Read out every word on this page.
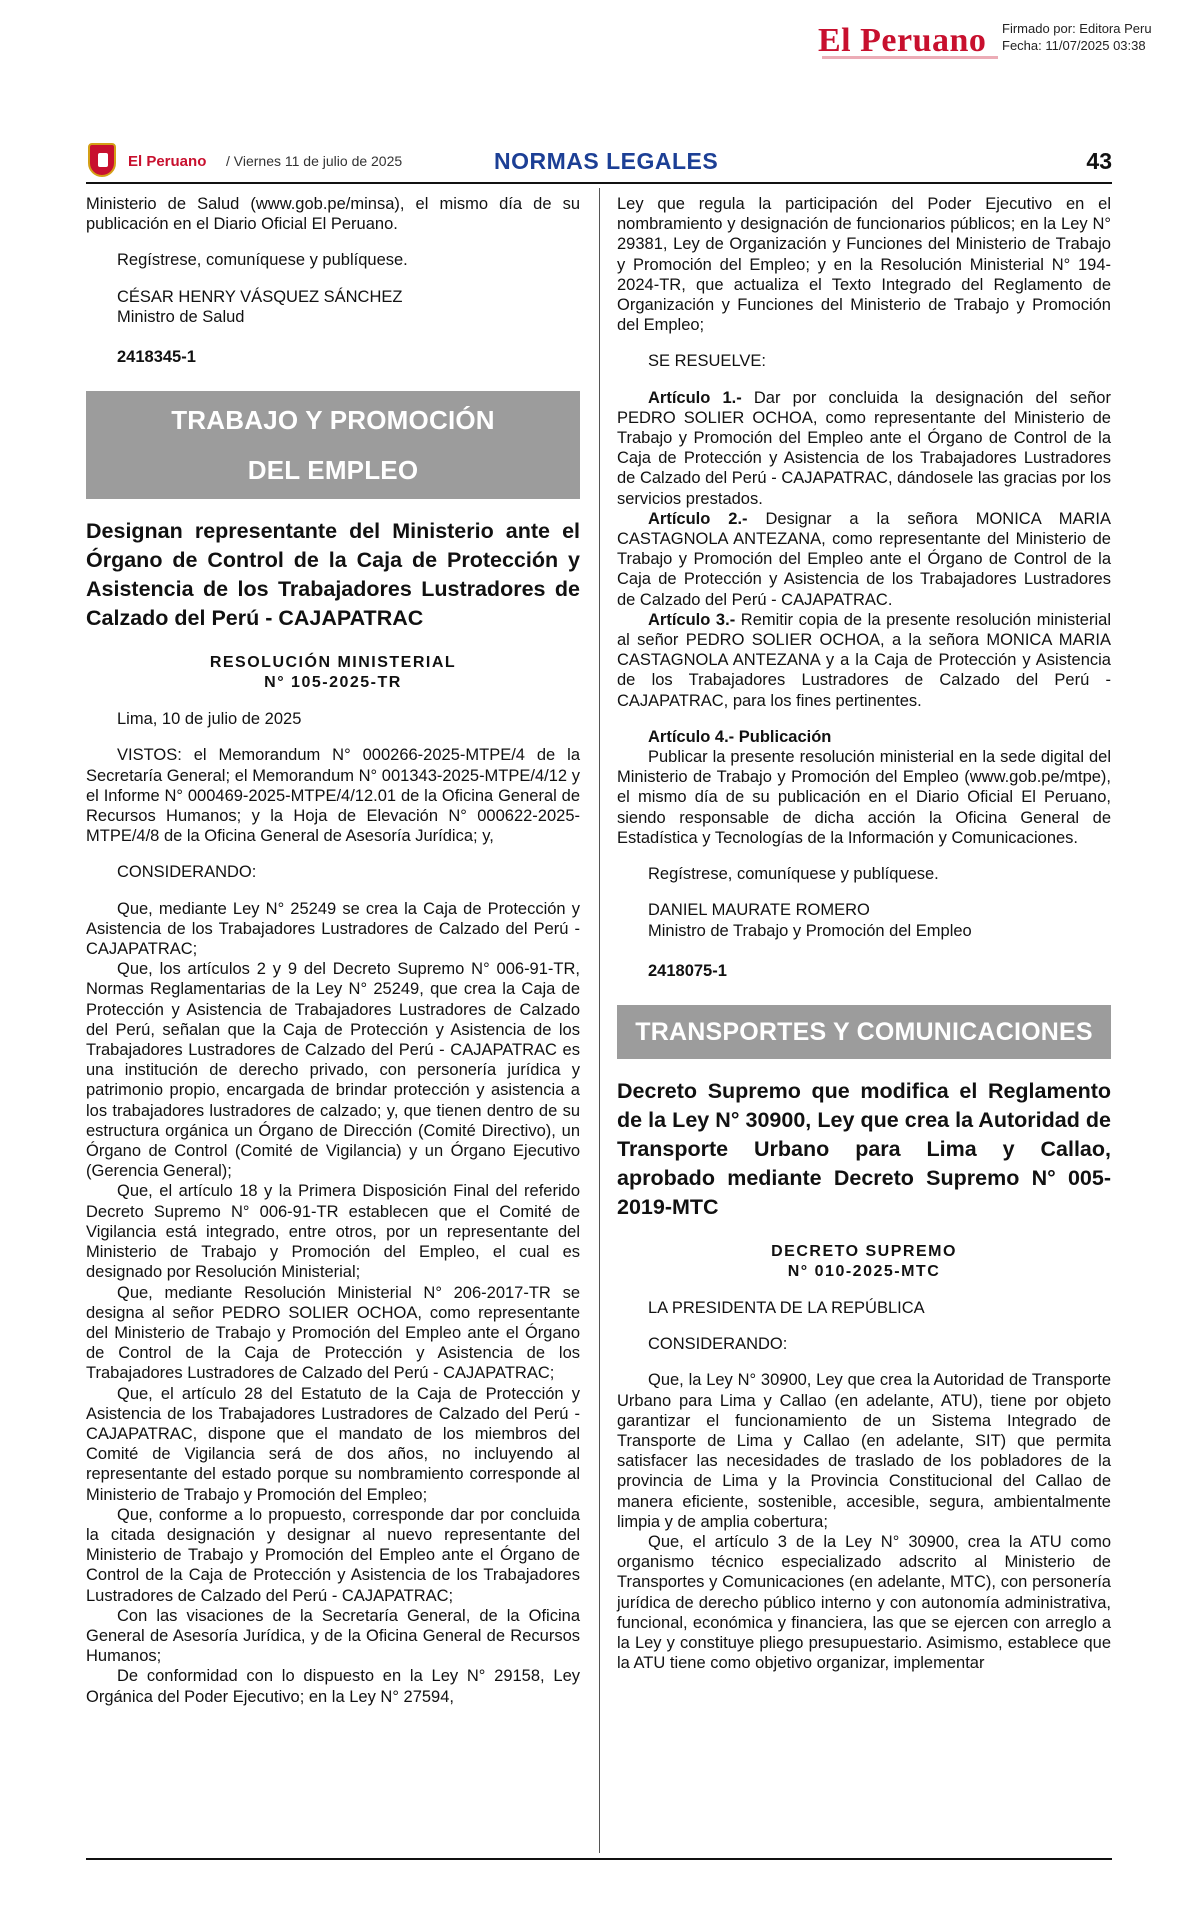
El Peruano Firmado por: Editora Peru
Fecha: 11/07/2025 03:38
El Peruano / Viernes 11 de julio de 2025	NORMAS LEGALES	43

Ministerio de Salud (www.gob.pe/minsa), el mismo día de su publicación en el Diario Oficial El Peruano.

Regístrese, comuníquese y publíquese.

CÉSAR HENRY VÁSQUEZ SÁNCHEZ

Ministro de Salud

2418345-1

TRABAJO Y PROMOCIÓN
DEL EMPLEO

Designan representante del Ministerio ante el Órgano de Control de la Caja de Protección y Asistencia de los Trabajadores Lustradores de Calzado del Perú - CAJAPATRAC

RESOLUCIÓN MINISTERIAL

N° 105-2025-TR

Lima, 10 de julio de 2025

VISTOS: el Memorandum N° 000266-2025-MTPE/4 de la Secretaría General; el Memorandum N° 001343-2025-MTPE/4/12 y el Informe N° 000469-2025-MTPE/4/12.01 de la Oficina General de Recursos Humanos; y la Hoja de Elevación N° 000622-2025-MTPE/4/8 de la Oficina General de Asesoría Jurídica; y,

CONSIDERANDO:

Que, mediante Ley N° 25249 se crea la Caja de Protección y Asistencia de los Trabajadores Lustradores de Calzado del Perú - CAJAPATRAC;

Que, los artículos 2 y 9 del Decreto Supremo N° 006-91-TR, Normas Reglamentarias de la Ley N° 25249, que crea la Caja de Protección y Asistencia de Trabajadores Lustradores de Calzado del Perú, señalan que la Caja de Protección y Asistencia de los Trabajadores Lustradores de Calzado del Perú - CAJAPATRAC es una institución de derecho privado, con personería jurídica y patrimonio propio, encargada de brindar protección y asistencia a los trabajadores lustradores de calzado; y, que tienen dentro de su estructura orgánica un Órgano de Dirección (Comité Directivo), un Órgano de Control (Comité de Vigilancia) y un Órgano Ejecutivo (Gerencia General);

Que, el artículo 18 y la Primera Disposición Final del referido Decreto Supremo N° 006-91-TR establecen que el Comité de Vigilancia está integrado, entre otros, por un representante del Ministerio de Trabajo y Promoción del Empleo, el cual es designado por Resolución Ministerial;

Que, mediante Resolución Ministerial N° 206-2017-TR se designa al señor PEDRO SOLIER OCHOA, como representante del Ministerio de Trabajo y Promoción del Empleo ante el Órgano de Control de la Caja de Protección y Asistencia de los Trabajadores Lustradores de Calzado del Perú - CAJAPATRAC;

Que, el artículo 28 del Estatuto de la Caja de Protección y Asistencia de los Trabajadores Lustradores de Calzado del Perú - CAJAPATRAC, dispone que el mandato de los miembros del Comité de Vigilancia será de dos años, no incluyendo al representante del estado porque su nombramiento corresponde al Ministerio de Trabajo y Promoción del Empleo;

Que, conforme a lo propuesto, corresponde dar por concluida la citada designación y designar al nuevo representante del Ministerio de Trabajo y Promoción del Empleo ante el Órgano de Control de la Caja de Protección y Asistencia de los Trabajadores Lustradores de Calzado del Perú - CAJAPATRAC;

Con las visaciones de la Secretaría General, de la Oficina General de Asesoría Jurídica, y de la Oficina General de Recursos Humanos;

De conformidad con lo dispuesto en la Ley N° 29158, Ley Orgánica del Poder Ejecutivo; en la Ley N° 27594,

Ley que regula la participación del Poder Ejecutivo en el nombramiento y designación de funcionarios públicos; en la Ley N° 29381, Ley de Organización y Funciones del Ministerio de Trabajo y Promoción del Empleo; y en la Resolución Ministerial N° 194-2024-TR, que actualiza el Texto Integrado del Reglamento de Organización y Funciones del Ministerio de Trabajo y Promoción del Empleo;

SE RESUELVE:

Artículo 1.- Dar por concluida la designación del señor PEDRO SOLIER OCHOA, como representante del Ministerio de Trabajo y Promoción del Empleo ante el Órgano de Control de la Caja de Protección y Asistencia de los Trabajadores Lustradores de Calzado del Perú - CAJAPATRAC, dándosele las gracias por los servicios prestados.

Artículo 2.- Designar a la señora MONICA MARIA CASTAGNOLA ANTEZANA, como representante del Ministerio de Trabajo y Promoción del Empleo ante el Órgano de Control de la Caja de Protección y Asistencia de los Trabajadores Lustradores de Calzado del Perú - CAJAPATRAC.

Artículo 3.- Remitir copia de la presente resolución ministerial al señor PEDRO SOLIER OCHOA, a la señora MONICA MARIA CASTAGNOLA ANTEZANA y a la Caja de Protección y Asistencia de los Trabajadores Lustradores de Calzado del Perú - CAJAPATRAC, para los fines pertinentes.

Artículo 4.- Publicación

Publicar la presente resolución ministerial en la sede digital del Ministerio de Trabajo y Promoción del Empleo (www.gob.pe/mtpe), el mismo día de su publicación en el Diario Oficial El Peruano, siendo responsable de dicha acción la Oficina General de Estadística y Tecnologías de la Información y Comunicaciones.

Regístrese, comuníquese y publíquese.

DANIEL MAURATE ROMERO

Ministro de Trabajo y Promoción del Empleo

2418075-1

TRANSPORTES Y COMUNICACIONES

Decreto Supremo que modifica el Reglamento de la Ley N° 30900, Ley que crea la Autoridad de Transporte Urbano para Lima y Callao, aprobado mediante Decreto Supremo N° 005-2019-MTC

DECRETO SUPREMO

N° 010-2025-MTC

LA PRESIDENTA DE LA REPÚBLICA

CONSIDERANDO:

Que, la Ley N° 30900, Ley que crea la Autoridad de Transporte Urbano para Lima y Callao (en adelante, ATU), tiene por objeto garantizar el funcionamiento de un Sistema Integrado de Transporte de Lima y Callao (en adelante, SIT) que permita satisfacer las necesidades de traslado de los pobladores de la provincia de Lima y la Provincia Constitucional del Callao de manera eficiente, sostenible, accesible, segura, ambientalmente limpia y de amplia cobertura;

Que, el artículo 3 de la Ley N° 30900, crea la ATU como organismo técnico especializado adscrito al Ministerio de Transportes y Comunicaciones (en adelante, MTC), con personería jurídica de derecho público interno y con autonomía administrativa, funcional, económica y financiera, las que se ejercen con arreglo a la Ley y constituye pliego presupuestario. Asimismo, establece que la ATU tiene como objetivo organizar, implementar
